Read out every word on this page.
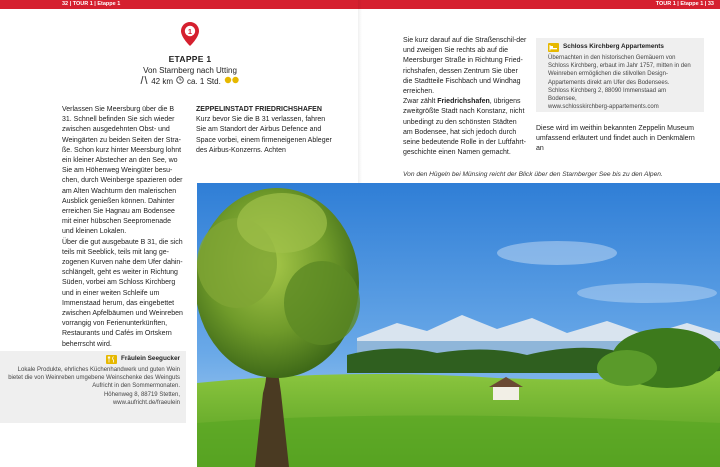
32 | TOUR 1 | Etappe 1	TOUR 1 | Etappe 1 | 33
1
ETAPPE 1
Von Starnberg nach Utting
42 km ca. 1 Std.

Verlassen Sie Meersburg über die B 31. Schnell befinden Sie sich wieder zwischen ausgedehnten Obst- und Weingärten zu beiden Seiten der Stra-ße. Schon kurz hinter Meersburg lohnt ein kleiner Abstecher an den See, wo Sie am Höhenweg Weingüter besu-chen, durch Weinberge spazieren oder am Alten Wachturm den malerischen Ausblick genießen können. Dahinter erreichen Sie Hagnau am Bodensee mit einer hübschen Seepromenade und kleinen Lokalen.

Über die gut ausgebaute B 31, die sich teils mit Seeblick, teils mit lang ge-zogenen Kurven nahe dem Ufer dahin-schlängelt, geht es weiter in Richtung Süden, vorbei am Schloss Kirchberg und in einer weiten Schleife um Immenstaad herum, das eingebettet zwischen Apfelbäumen und Weinreben vorrangig von Ferienunterkünften, Restaurants und Cafés im Ortskern beherrscht wird.

ZEPPELINSTADT FRIEDRICHSHAFEN

Kurz bevor Sie die B 31 verlassen, fahren Sie am Standort der Airbus Defence and Space vorbei, einem firmeneigenen Ableger des Airbus-Konzerns. Achten

Sie kurz darauf auf die Straßenschil-der und zweigen Sie rechts ab auf die Meersburger Straße in Richtung Fried-richshafen, dessen Zentrum Sie über die Stadtteile Fischbach und Windhag erreichen.

Zwar zählt Friedrichshafen, übrigens zweitgrößte Stadt nach Konstanz, nicht unbedingt zu den schönsten Städten am Bodensee, hat sich jedoch durch seine bedeutende Rolle in der Luftfahrt-geschichte einen Namen gemacht.

Diese wird im weithin bekannten Zeppelin Museum umfassend erläutert und findet auch in Denkmälern an

Schloss Kirchberg Appartements
Übernachten in den historischen Gemäuern von Schloss Kirchberg, erbaut im Jahr 1757, mitten in den Weinreben ermöglichen die stilvollen Design-Appartements direkt am Ufer des Bodensees.
Schloss Kirchberg 2, 88090 Immenstaad am Bodensee,
www.schlosskirchberg-appartements.com
Fräulein Seegucker
Lokale Produkte, ehrliches Küchenhandwerk und guten Wein bietet die von Weinreben umgebene Weinschenke des Weinguts Aufricht in den Sommermonaten.
Höhenweg 8, 88719 Stetten,
www.aufricht.de/fraeulein
Von den Hügeln bei Münsing reicht der Blick über den Starnberger See bis zu den Alpen.
